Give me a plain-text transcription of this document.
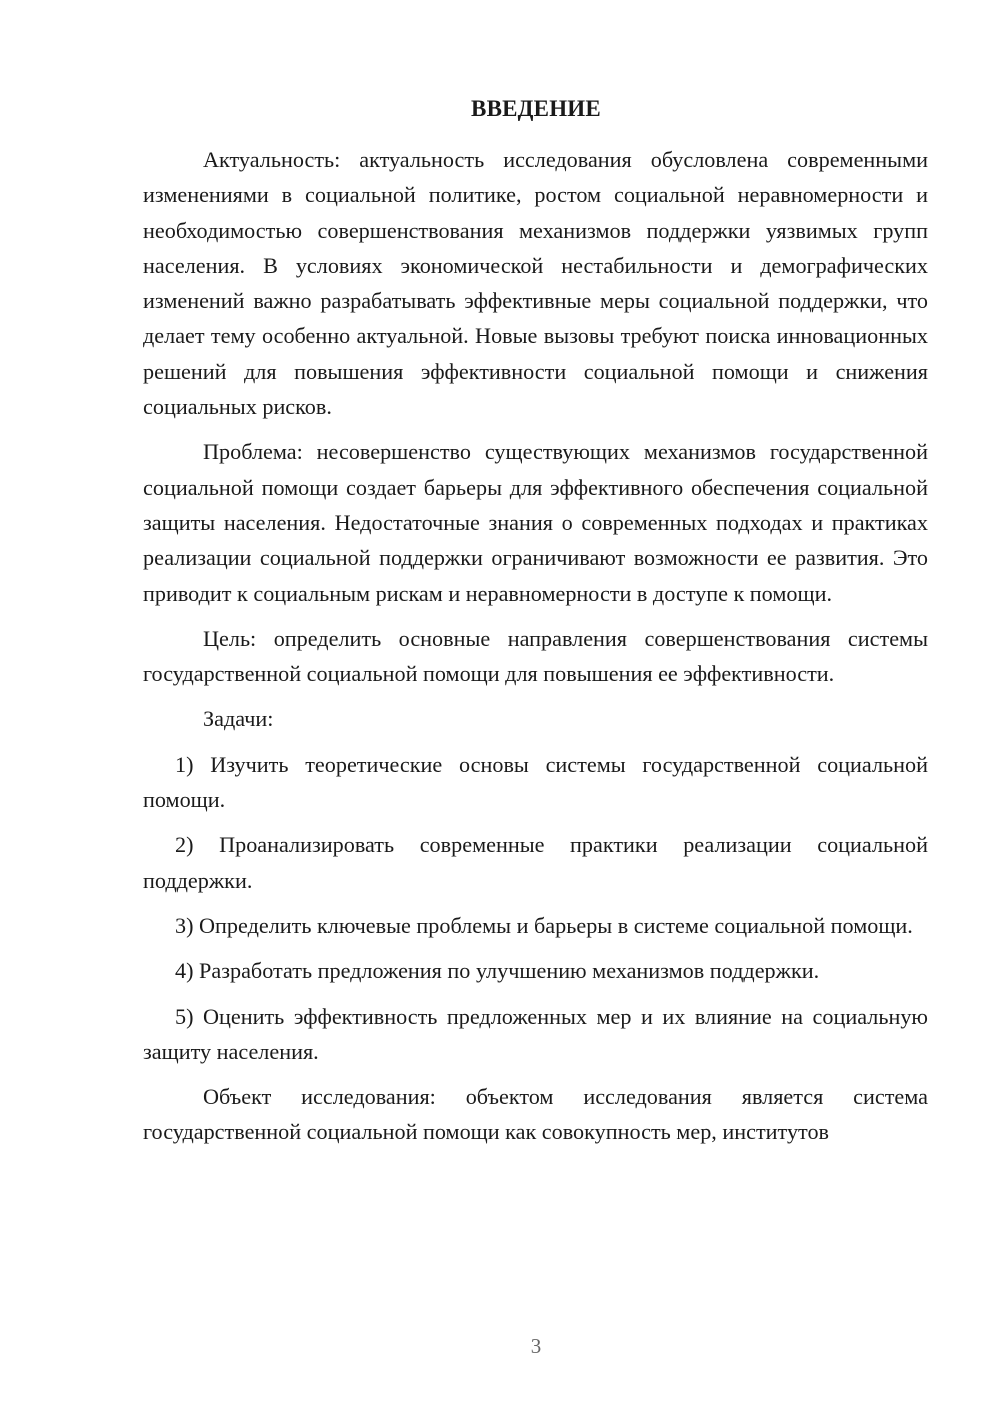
ВВЕДЕНИЕ

Актуальность: актуальность исследования обусловлена современными изменениями в социальной политике, ростом социальной неравномерности и необходимостью совершенствования механизмов поддержки уязвимых групп населения. В условиях экономической нестабильности и демографических изменений важно разрабатывать эффективные меры социальной поддержки, что делает тему особенно актуальной. Новые вызовы требуют поиска инновационных решений для повышения эффективности социальной помощи и снижения социальных рисков.

Проблема: несовершенство существующих механизмов государственной социальной помощи создает барьеры для эффективного обеспечения социальной защиты населения. Недостаточные знания о современных подходах и практиках реализации социальной поддержки ограничивают возможности ее развития. Это приводит к социальным рискам и неравномерности в доступе к помощи.

Цель: определить основные направления совершенствования системы государственной социальной помощи для повышения ее эффективности.

Задачи:

1) Изучить теоретические основы системы государственной социальной помощи.

2) Проанализировать современные практики реализации социальной поддержки.

3) Определить ключевые проблемы и барьеры в системе социальной помощи.

4) Разработать предложения по улучшению механизмов поддержки.

5) Оценить эффективность предложенных мер и их влияние на социальную защиту населения.

Объект исследования: объектом исследования является система государственной социальной помощи как совокупность мер, институтов

3
